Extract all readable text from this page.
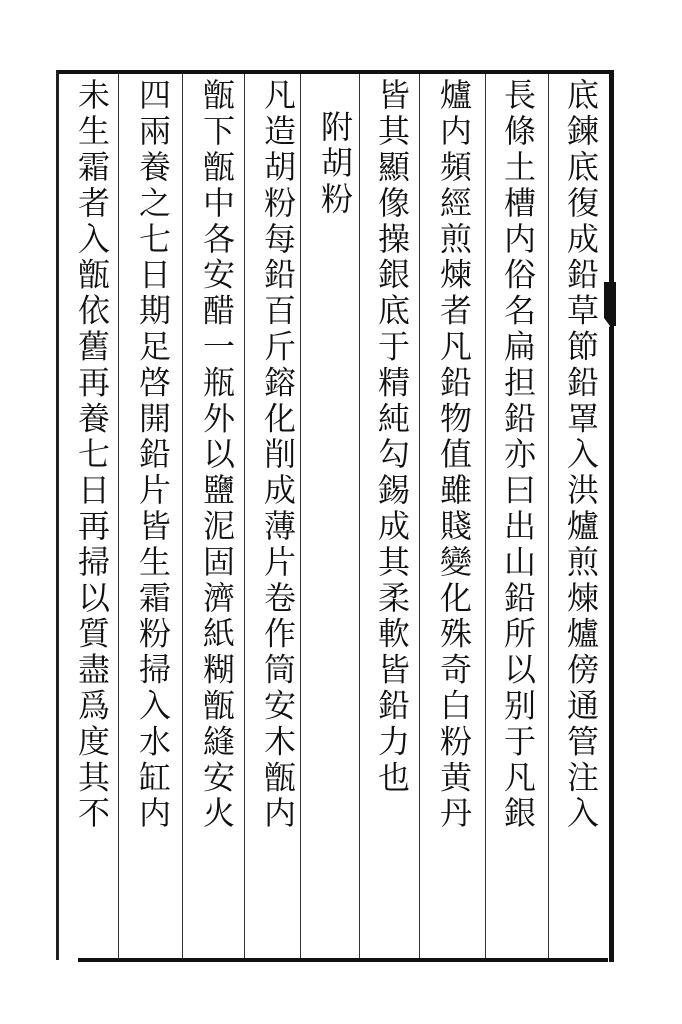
底鍊底復成鉛草節鉛罩入洪爐煎煉爐傍通管注入
長條土槽内俗名扁担鉛亦曰出山鉛所以别于凡銀
爐内頻經煎煉者凡鉛物值雖賤變化殊奇白粉黄丹
皆其顯像操銀底于精純勾錫成其柔軟皆鉛力也
附胡粉
凡造胡粉每鉛百斤鎔化削成薄片卷作筒安木甑内
甑下甑中各安醋一瓶外以鹽泥固濟紙糊甑縫安火
四兩養之七日期足啓開鉛片皆生霜粉掃入水缸内
未生霜者入甑依舊再養七日再掃以質盡爲度其不
